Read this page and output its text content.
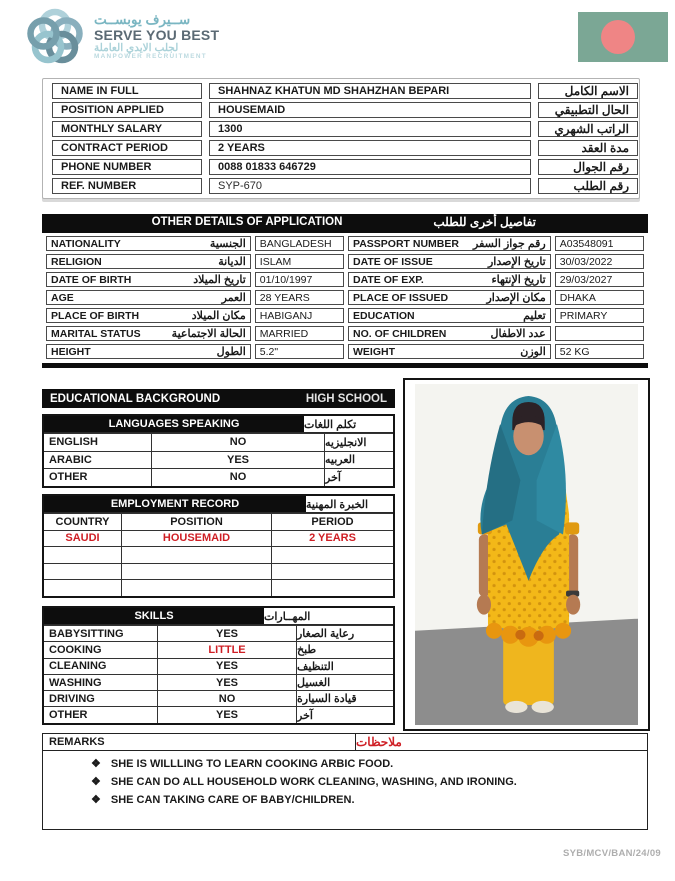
ســيرف يوبســت
SERVE YOU BEST
لجلب الايدي العاملة
MANPOWER RECRUITMENT
NAME IN FULL	SHAHNAZ KHATUN MD SHAHZHAN BEPARI	الاسم الكامل
POSITION APPLIED	HOUSEMAID	الحال التطبيقي
MONTHLY SALARY	1300	الراتب الشهري
CONTRACT PERIOD	2 YEARS	مدة العقد
PHONE NUMBER	0088 01833 646729	رقم الجوال
REF. NUMBER	SYP-670	رقم الطلب
OTHER DETAILS OF APPLICATION	تفاصيل أخرى للطلب
NATIONALITY الجنسية	BANGLADESH	PASSPORT NUMBER رقم جواز السفر	A03548091

RELIGION الديانة	ISLAM	DATE OF ISSUE تاريخ الإصدار	30/03/2022

DATE OF BIRTH تاريخ الميلاد	01/10/1997	DATE OF EXP. تاريخ الإنتهاء	29/03/2027

AGE العمر	28 YEARS	PLACE OF ISSUED مكان الإصدار	DHAKA

PLACE OF BIRTH مكان الميلاد	HABIGANJ	EDUCATION تعليم	PRIMARY

MARITAL STATUS الحالة الاجتماعية	MARRIED	NO. OF CHILDREN عدد الاطفال	

HEIGHT الطول	5.2"	WEIGHT الوزن	52 KG
EDUCATIONAL BACKGROUND	HIGH SCHOOL
LANGUAGES SPEAKING	تكلم اللغات
ENGLISH	NO	الانجليزيه
ARABIC	YES	العربيه
OTHER	NO	آخر
EMPLOYMENT RECORD	الخبرة المهنية
COUNTRY	POSITION	PERIOD
SAUDI	HOUSEMAID	2 YEARS
SKILLS	المهــارات
BABYSITTING	YES	رعاية الصغار
COOKING	LITTLE	طبخ
CLEANING	YES	التنظيف
WASHING	YES	الغسيل
DRIVING	NO	قيادة السيارة
OTHER	YES	آخر
REMARKS	ملاحظات
❖ SHE IS WILLLING TO LEARN COOKING ARBIC FOOD.
❖ SHE CAN DO ALL HOUSEHOLD WORK CLEANING, WASHING, AND IRONING.
❖ SHE CAN TAKING CARE OF BABY/CHILDREN.
SYB/MCV/BAN/24/09
